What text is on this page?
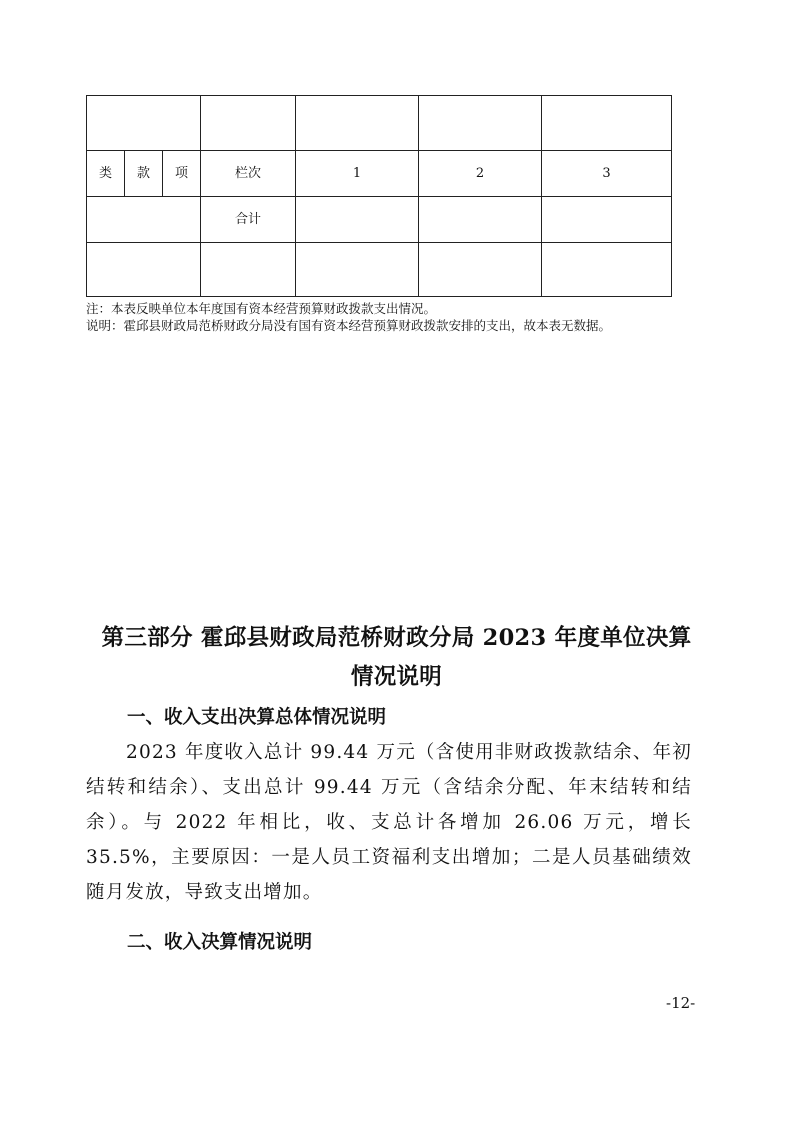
类	款	项	栏次	1	2	3
			合计			

注：本表反映单位本年度国有资本经营预算财政拨款支出情况。
说明：霍邱县财政局范桥财政分局没有国有资本经营预算财政拨款安排的支出，故本表无数据。
第三部分 霍邱县财政局范桥财政分局 2023 年度单位决算
情况说明
一、收入支出决算总体情况说明
2023 年度收入总计 99.44 万元（含使用非财政拨款结余、年初结转和结余）、支出总计 99.44 万元（含结余分配、年末结转和结余）。与 2022 年相比，收、支总计各增加 26.06 万元，增长 35.5%，主要原因：一是人员工资福利支出增加；二是人员基础绩效随月发放，导致支出增加。
二、收入决算情况说明
-12-
